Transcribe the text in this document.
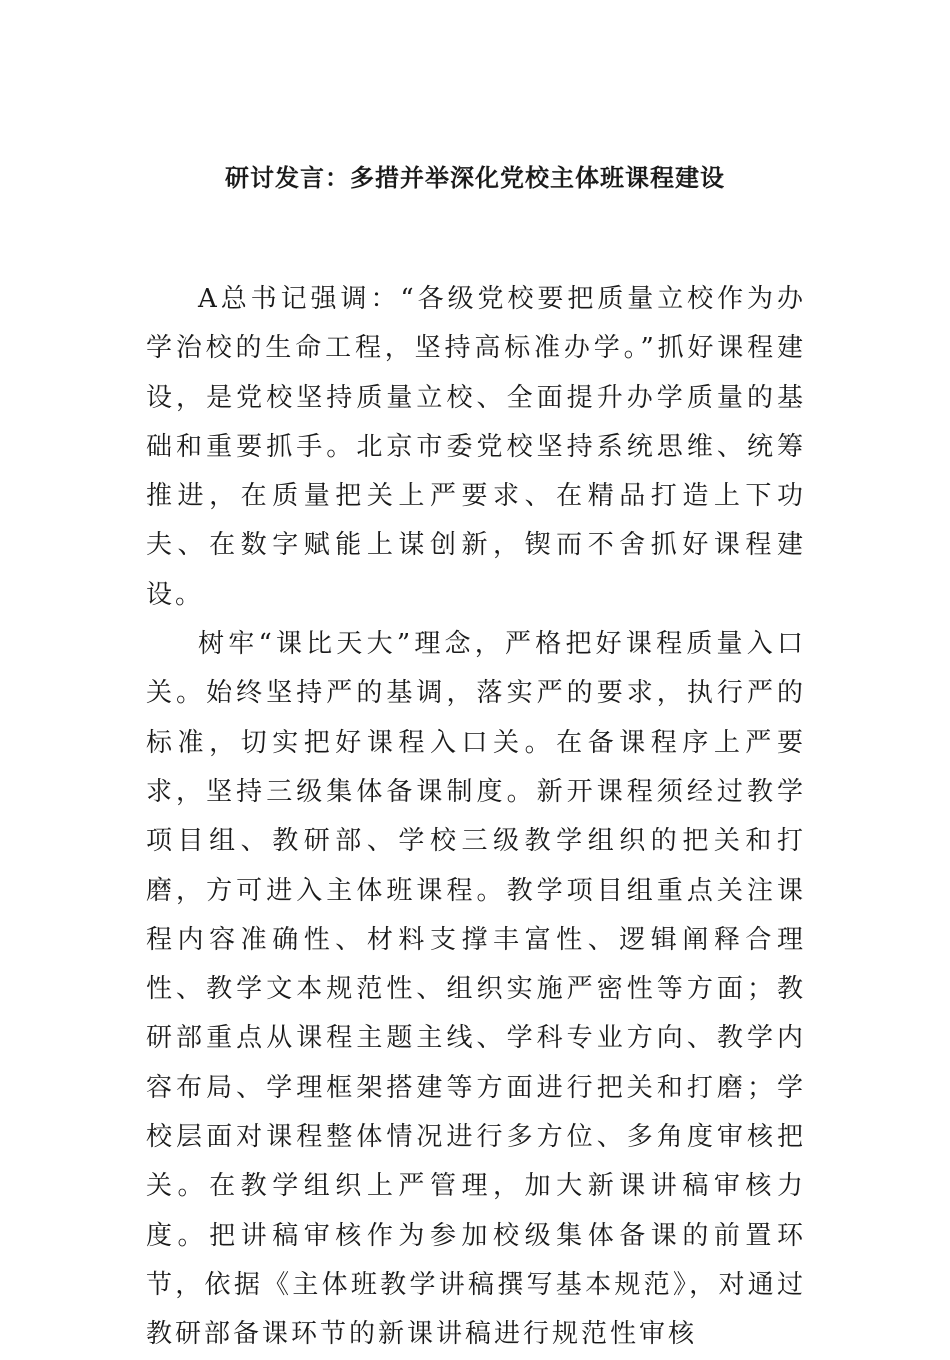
研讨发言：多措并举深化党校主体班课程建设

A总书记强调：“各级党校要把质量立校作为办学治校的生命工程，坚持高标准办学。”抓好课程建设，是党校坚持质量立校、全面提升办学质量的基础和重要抓手。北京市委党校坚持系统思维、统筹推进，在质量把关上严要求、在精品打造上下功夫、在数字赋能上谋创新，锲而不舍抓好课程建设。

树牢“课比天大”理念，严格把好课程质量入口关。始终坚持严的基调，落实严的要求，执行严的标准，切实把好课程入口关。在备课程序上严要求，坚持三级集体备课制度。新开课程须经过教学项目组、教研部、学校三级教学组织的把关和打磨，方可进入主体班课程。教学项目组重点关注课程内容准确性、材料支撑丰富性、逻辑阐释合理性、教学文本规范性、组织实施严密性等方面；教研部重点从课程主题主线、学科专业方向、教学内容布局、学理框架搭建等方面进行把关和打磨；学校层面对课程整体情况进行多方位、多角度审核把关。在教学组织上严管理，加大新课讲稿审核力度。把讲稿审核作为参加校级集体备课的前置环节，依据《主体班教学讲稿撰写基本规范》，对通过教研部备课环节的新课讲稿进行规范性审核
